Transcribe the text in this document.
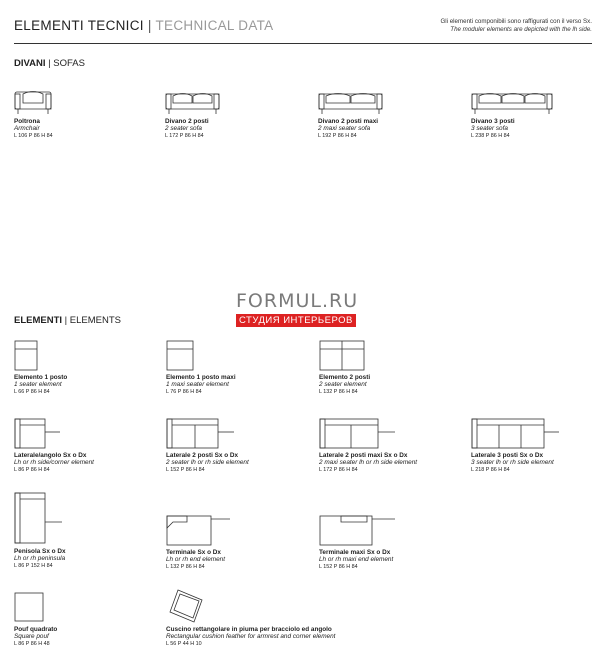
ELEMENTI TECNICI | TECHNICAL DATA	Gli elementi componibili sono raffigurati con il verso Sx.
The moduler elements are depicted with the lh side.
DIVANI | SOFAS
Poltrona
Armchair
L 106 P 86 H 84
Divano 2 posti
2 seater sofa
L 172 P 86 H 84
Divano 2 posti maxi
2 maxi seater sofa
L 192 P 86 H 84
Divano 3 posti
3 seater sofa
L 238 P 86 H 84
FORMUL.RU
СТУДИЯ ИНТЕРЬЕРОВ
ELEMENTI | ELEMENTS
Elemento 1 posto
1 seater element
L 66 P 86 H 84
Elemento 1 posto maxi
1 maxi seater element
L 76 P 86 H 84
Elemento 2 posti
2 seater element
L 132 P 86 H 84
Laterale/angolo Sx o Dx
Lh or rh side/corner element
L 86 P 86 H 84
Laterale 2 posti Sx o Dx
2 seater lh or rh side element
L 152 P 86 H 84
Laterale 2 posti maxi Sx o Dx
2 maxi seater lh or rh side element
L 172 P 86 H 84
Laterale 3 posti Sx o Dx
3 seater lh or rh side element
L 218 P 86 H 84
Penisola Sx o Dx
Lh or rh peninsula
L 86 P 152 H 84
Terminale Sx o Dx
Lh or rh end element
L 132 P 86 H 84
Terminale maxi Sx o Dx
Lh or rh maxi end element
L 152 P 86 H 84
Pouf quadrato
Square pouf
L 86 P 86 H 48
Cuscino rettangolare in piuma per bracciolo ed angolo
Rectangular cushion feather for armrest and corner element
L 56 P 44 H 10
